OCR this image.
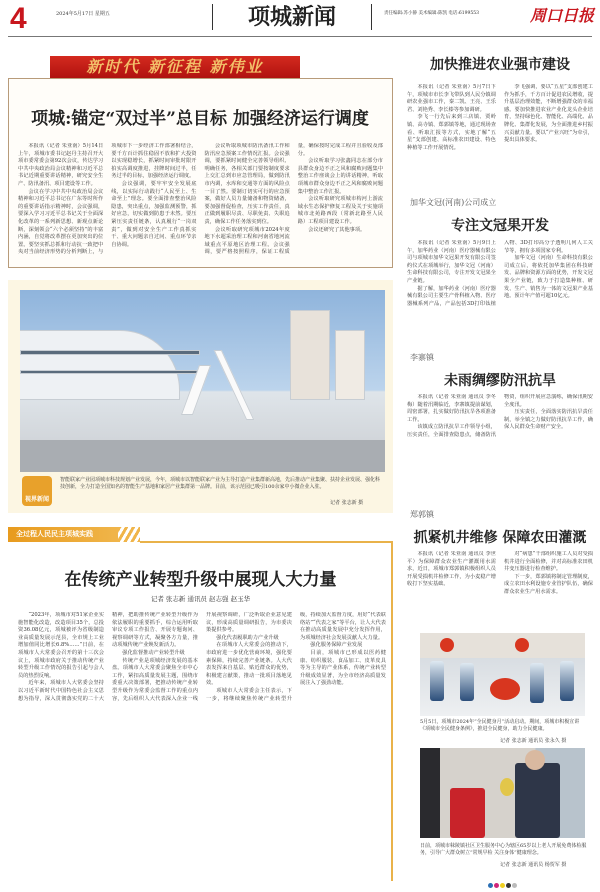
4	2024年5月17日 星期五	项城新闻	责任编辑:苏小静 美术编辑:陈凯 电话:6199553	周口日报
新时代 新征程 新伟业
项城:锚定“双过半”总目标 加强经济运行调度

本报讯（记者 朱亚南）5月14日上午，项城市委书记赵丹主持召开大项市委常委会第92次会议，传达学习中共中央政治局会议精神和习近平总书记近期重要讲话精神，研究安全生产、防汛备汛、项目建设等工作。

会议在学习中共中央政治局会议精神和习近平总书记在广东等时所作的重要讲话指示精神时，会议强调，要深入学习习近平总书记关于全面深化改革的一系列新思想、新观点新论断，深刻领会“六个必须坚持”的丰富内涵，自觉将改革摆在更加突出的位置。要坚实抓总抓和行动抗一致把中央对当前经济形势的分析判断上，与项城市下一步经济工作部署相结合，要千方百计抓住稳固不放和扩大投资以实现稳增长，抓紧时间审批时限开拍实高调度推进，挂牌时间过半，任务过半的目标，加强经济运行调度。

会议强调，要牢牢安全发展底线，以实际行动践行“人民至上、生命至上”理念。要全面排查整治风险隐患，突出重点，加强监测预警，抓好应急，切实做到防患于未然。要压紧压实责任链条，认真履行“一岗双责”，做到对安全生产工作真抓实干、重大问题亲自过问、重点环节亲自协调。

会议听取项城市防汛备汛工作和防汛应急预案工作情况汇报。会议强调，要抓紧时间健全完善领导组织、明确任务，各相关部门要按制度要求上交汇总到市应急管理局，做到防汛市内调，水库和交通等方面的风险点一目了然。要制订切实可行的应急预案，做好人员力量储备和物资储备，要加强督促检查，压实工作责任，真正做到履职尽责、尽职免责、失职追责，确保工作任务落实到位。

会议听取研究项城市2024年度地下水超采治理工程和河南省地河流域重点平原地区治理工程。会议强调，要严格按照程序，保证工程质量，确保按时完成工程并且验收及部分。

会议听取学习张鑫同志在部分市县群众身边不正之风和腐败问题集中整治工作座谈会上的讲话精神，听取项城市群众身边不正之风和腐败问题集中整治工作汇报。

会议听取研究项城市构河上游流域水生态保护修复工程及关于实施项城市北苑路西段（常新北路至人民路）工程项目建设工作。

会议还研究了其他事项。

视界新闻
智能联家产业园项城市科技规划产业发展，今年，项城市以智能联家产业为主导打造产业集群新高地，先后推动产业集聚、扶持企业发展、强化科技创新，全力打造全国知名的智能生产基地和家居产业集群第一品牌。目前，该示范园已吸引100余家中小微企业入驻。
记者 张志新 摄
全过程人民民主项城实践
在传统产业转型升级中展现人大力量
记者 张志新 通讯员 赵志强 赵玉华

“2023年，项城市对51家企业实施智能化改造，改造项目35个，总投资36.08亿元，项城被评为省级制造业高质量发展示范县，全市规上工业增加值同比增长6.8%……”日前，在项城市人大常委会召开的第十三次会议上，项城市政府关于推动传统产业转型升级工作情况的报告引起与会人员的热烈反响。

近年来，项城市人大常委会坚持以习近平新时代中国特色社会主义思想为指导，深入贯彻落实党的二十大精神，把助推传统产业转型升级作为依法履职的重要抓手，综合运用听取审议专项工作报告、开展专题询问、视察调研等方式，凝聚各方力量，推动项城传统产业焕发新活力。

强化监督推动产业转型升级

传统产业是项城经济发展的基本盘。项城市人大常委会聚焦全市中心工作，紧扣高质量发展主题，围绕市委重大决策部署，把推动传统产业转型升级作为常委会监督工作的重点内容，先后组织人大代表深入企业一线开展视察调研，广泛听取企业意见建议，形成高质量调研报告，为市委决策提供参考。

强化代表履职助力产业升级

在项城市人大常委会的推动下，市政府进一步优化营商环境，强化要素保障，持续完善产业链条。人大代表发挥来自基层、贴近群众的优势，积极建言献策，推动一批项目落地见效。

项城市人大常委会主任表示，下一步，将继续聚焦传统产业转型升级，持续加大监督力度，用好“代表联络站”“代表之家”等平台，让人大代表在推动高质量发展中充分发挥作用，为项城经济社会发展贡献人大力量。

强化服务保障产业发展

目前，项城市已形成以医药健康、纺织服装、食品加工、皮革皮具等为主导的产业体系，传统产业转型升级成效显著，为全市经济高质量发展注入了强劲动能。

加快推进农业强市建设

本报讯（记者 朱亚南）5月7日下午，项城市市长李飞带队到人民分镇调研农业强市工作，秦二凯、王亮、王乐君、刘艳秀、李长榛等参加调研。

李飞一行先后来到三店镇、贾岭镇、高寺镇、郑郭镇等地，通过现场查看、听取汇报等方式，实地了解“五星”支部创建、高标准农田建设、特色种植等工作开展情况。

李飞强调，要以“五星”支部创建工作为抓手，千方百计促进农民增收，提升基层治理效能，不断增强群众的幸福感。要加快推进农业产业化龙头企业培育，坚持绿色化、智能化、高端化、品牌化、集群化发展，为全面推进乡村振兴贡献力量。要以“产业兴旺”为牵引，提出具体要求。

加华文冠(河南)公司成立
专注文冠果开发

本报讯（记者 朱亚南）5月9日上午，加华药业（河南）医疗器械有限公司与项城市加华文冠果开发有限公司签约仪式在项城举行，加华文冠（河南）生命科技有限公司，专注开发文冠果全产业链。

据了解，加华药业（河南）医疗器械有限公司主要生产骨科植入物、医疗器械系列产品，产品包括3D打印钛植入物、3D打印高分子透明几何人工关节等，拥有多项国家专利。

加华文冠（河南）生命科技有限公司成立后，将依托加华集团在科技研发、品牌和资源方面的优势，开发文冠果全产业链，致力于打造集种植、研发、生产、销售为一体的文冠果产业基地。预计年产值可超10亿元。

李寨镇
未雨绸缪防汛抗旱

本报讯（记者 朱亚南 通讯员 李冬梅）随着汛期临近，李寨镇提前谋划，周密部署，扎实做好防汛抗旱各项准备工作。

该镇成立防汛抗旱工作领导小组，压实责任，全面排查隐患点，储备防汛物资，组织开展应急演练，确保汛期安全度汛。

压实责任，全面落实防汛抗旱责任制，举全镇之力做好防汛抗旱工作，确保人民群众生命财产安全。

郑郭镇
抓紧机井维修 保障农田灌溉

本报讯（记者 朱亚南 通讯员 李世平）为保障群众农业生产灌溉用水需求，近日，项城市郑郭镇积极组织人员开展受损机井检修工作，为小麦稳产增收打下坚实基础。

对“病患”干部组织施工人员对受损机井进行全面检修，并对高标准农田机井变压器进行检查维护。

下一步，郑郭镇将制定管理制度，成立农田水利设施专业管护队伍，确保群众农业生产用水需求。

5月5日，项城市2024年“全民健身月”活动启动。期间，项城市积极宣讲《项城市全民健身条例》，推进全民健身，助力全民健康。
记者 张志新 通讯员 张永久 摄
日前，项城市秣陵镇社区卫生服务中心为辖区65岁以上老人开展免费体检服务，引导广大群众树立“常规早检 关注身体”健康理念。
记者 张志新 通讯员 杨贺军 摄
